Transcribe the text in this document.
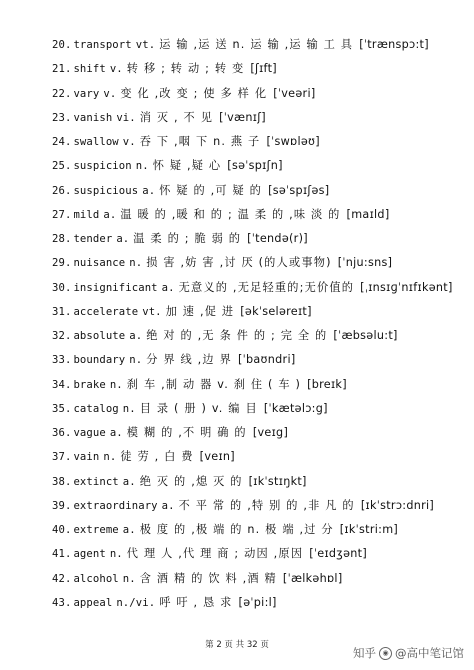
20. transport vt. 运 输 ,运 送 n. 运 输 ,运 输 工 具 [ˈtrænspɔ:t]
21. shift v. 转 移 ; 转 动 ; 转 变 [ʃɪft]
22. vary v. 变 化 ,改 变 ; 使 多 样 化 [ˈveəri]
23. vanish vi. 消 灭 , 不 见 [ˈvænɪʃ]
24. swallow v. 吞 下 ,咽 下 n. 燕 子 [ˈswɒləʊ]
25. suspicion n. 怀 疑 ,疑 心 [səˈspɪʃn]
26. suspicious a. 怀 疑 的 ,可 疑 的 [səˈspɪʃəs]
27. mild a. 温 暖 的 ,暖 和 的 ; 温 柔 的 ,味 淡 的 [maɪld]
28. tender a. 温 柔 的 ; 脆 弱 的 [ˈtendə(r)]
29. nuisance n. 损 害 ,妨 害 ,讨 厌 (的人或事物) [ˈnju:sns]
30. insignificant a. 无意义的 ,无足轻重的;无价值的 [ˌɪnsɪɡˈnɪfɪkənt]
31. accelerate vt. 加 速 ,促 进 [əkˈseləreɪt]
32. absolute a. 绝 对 的 ,无 条 件 的 ; 完 全 的 [ˈæbsəlu:t]
33. boundary n. 分 界 线 ,边 界 [ˈbaʊndri]
34. brake n. 刹 车 ,制 动 器 v. 刹 住 ( 车 ) [breɪk]
35. catalog n. 目 录 ( 册 ) v. 编 目 [ˈkætəlɔ:g]
36. vague a. 模 糊 的 ,不 明 确 的 [veɪg]
37. vain n. 徒 劳 , 白 费 [veɪn]
38. extinct a. 绝 灭 的 ,熄 灭 的 [ɪkˈstɪŋkt]
39. extraordinary a. 不 平 常 的 ,特 别 的 ,非 凡 的 [ɪkˈstrɔ:dnri]
40. extreme a. 极 度 的 ,极 端 的 n. 极 端 ,过 分 [ɪkˈstri:m]
41. agent n. 代 理 人 ,代 理 商 ; 动因 ,原因 [ˈeɪdʒənt]
42. alcohol n. 含 酒 精 的 饮 料 ,酒 精 [ˈælkəhɒl]
43. appeal n./vi. 呼 吁 , 恳 求 [əˈpi:l]
第 2 页 共 32 页
知乎 ◉ @高中笔记馆
